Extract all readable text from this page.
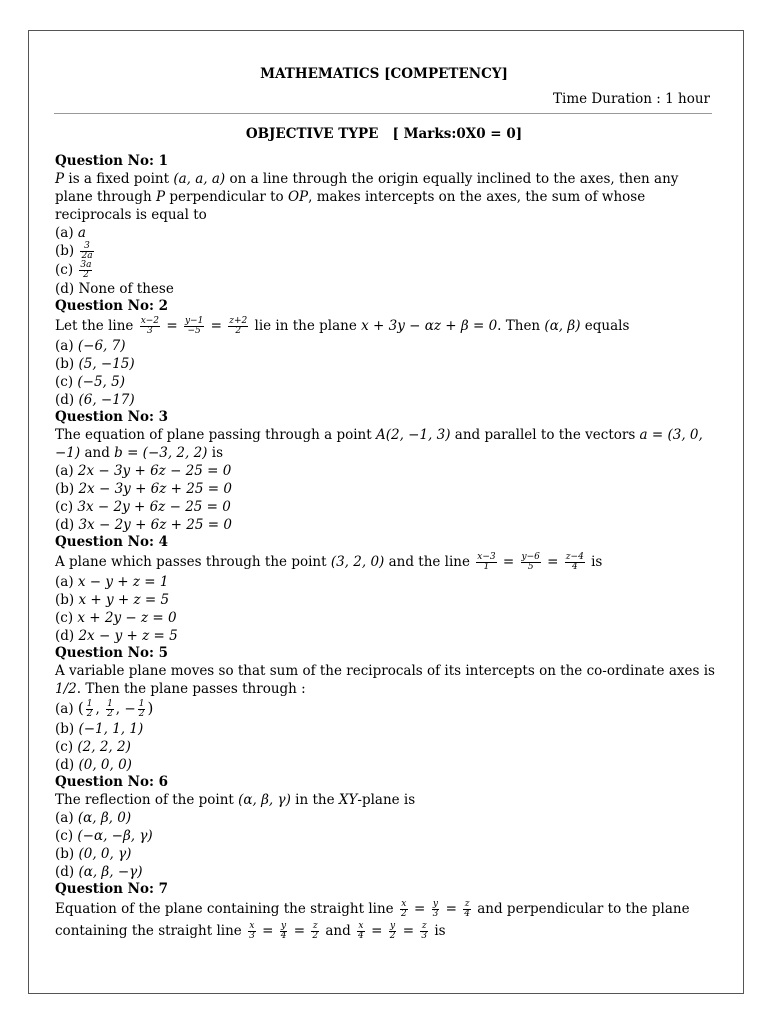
MATHEMATICS [COMPETENCY]
Time Duration : 1 hour
OBJECTIVE TYPE   [ Marks:0X0 = 0]
Question No: 1
P is a fixed point (a, a, a) on a line through the origin equally inclined to the axes, then any plane through P perpendicular to OP, makes intercepts on the axes, the sum of whose reciprocals is equal to
(a) a
$(b) \frac{3}{2a}$
$(c) \frac{3a}{2}$
(d) None of these
Question No: 2
Let the line $\frac{x-2}{3} = \frac{y-1}{-5} = \frac{z+2}{2}$ lie in the plane x + 3y − αz + β = 0. Then (α, β) equals
(a) (−6, 7)
(b) (5, −15)
(c) (−5, 5)
(d) (6, −17)
Question No: 3
The equation of plane passing through a point A(2, −1, 3) and parallel to the vectors a = (3, 0, −1) and b = (−3, 2, 2) is
(a) 2x − 3y + 6z − 25 = 0
(b) 2x − 3y + 6z + 25 = 0
(c) 3x − 2y + 6z − 25 = 0
(d) 3x − 2y + 6z + 25 = 0
Question No: 4
A plane which passes through the point (3, 2, 0) and the line $\frac{x-3}{1} = \frac{y-6}{5} = \frac{z-4}{4}$ is
(a) x − y + z = 1
(b) x + y + z = 5
(c) x + 2y − z = 0
(d) 2x − y + z = 5
Question No: 5
A variable plane moves so that sum of the reciprocals of its intercepts on the co-ordinate axes is 1/2. Then the plane passes through :
(a) ( $\frac{1}{2}$ , $\frac{1}{2}$ , − $\frac{1}{2}$ )
(b) (−1, 1, 1)
(c) (2, 2, 2)
(d) (0, 0, 0)
Question No: 6
The reflection of the point (α, β, γ) in the XY-plane is
(a) (α, β, 0)
(c) (−α, −β, γ)
(b) (0, 0, γ)
(d) (α, β, −γ)
Question No: 7
Equation of the plane containing the straight line $\frac{x}{2} = \frac{y}{3} = \frac{z}{4}$ and perpendicular to the plane containing the straight line $\frac{x}{3} = \frac{y}{4} = \frac{z}{2}$ and $\frac{x}{4} = \frac{y}{2} = \frac{z}{3}$ is
